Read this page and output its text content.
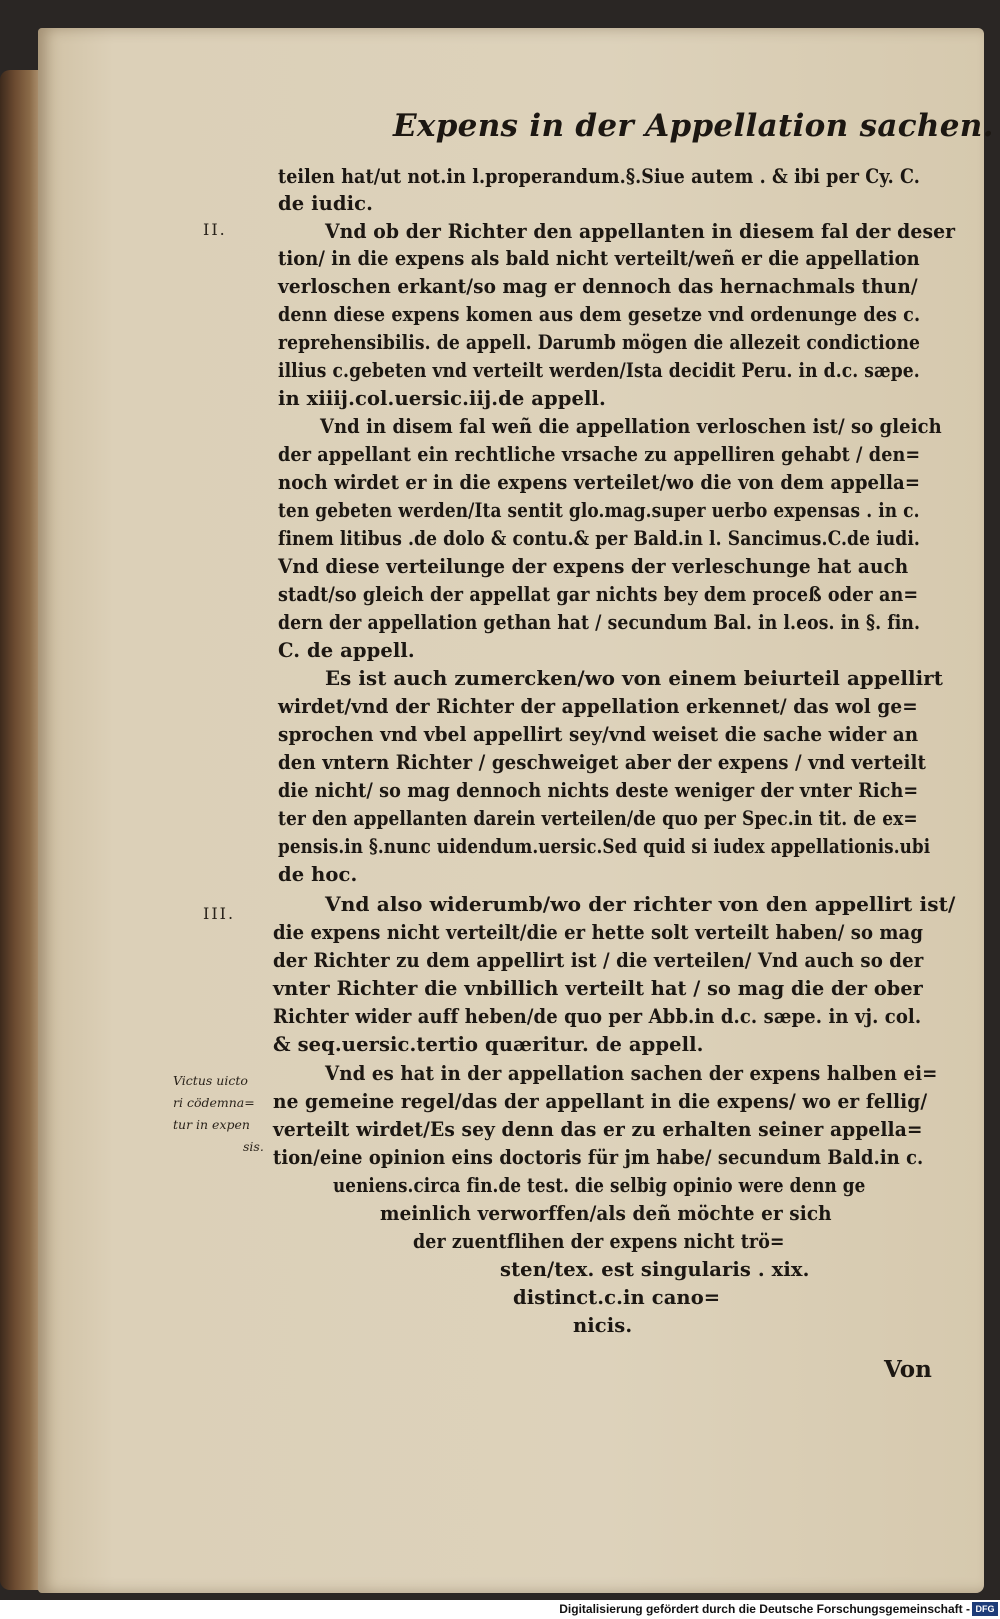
Expens in der Appellation sachen.
II.
III.
teilen hat/ut not.in l.properandum.§.Siue autem . & ibi per Cy. C.
de iudic.
Vnd ob der Richter den appellanten in diesem fal der deser
tion/ in die expens als bald nicht verteilt/weñ er die appellation
verloschen erkant/so mag er dennoch das hernachmals thun/
denn diese expens komen aus dem gesetze vnd ordenunge des c.
reprehensibilis. de appell. Darumb mögen die allezeit condictione
illius c.gebeten vnd verteilt werden/Ista decidit Peru. in d.c. sæpe.
in xiiij.col.uersic.iij.de appell.
Vnd in disem fal weñ die appellation verloschen ist/ so gleich
der appellant ein rechtliche vrsache zu appelliren gehabt / den=
noch wirdet er in die expens verteilet/wo die von dem appella=
ten gebeten werden/Ita sentit glo.mag.super uerbo expensas . in c.
finem litibus .de dolo & contu.& per Bald.in l. Sancimus.C.de iudi.
Vnd diese verteilunge der expens der verleschunge hat auch
stadt/so gleich der appellat gar nichts bey dem proceß oder an=
dern der appellation gethan hat / secundum Bal. in l.eos. in §. fin.
C. de appell.
Es ist auch zumercken/wo von einem beiurteil appellirt
wirdet/vnd der Richter der appellation erkennet/ das wol ge=
sprochen vnd vbel appellirt sey/vnd weiset die sache wider an
den vntern Richter / geschweiget aber der expens / vnd verteilt
die nicht/ so mag dennoch nichts deste weniger der vnter Rich=
ter den appellanten darein verteilen/de quo per Spec.in tit. de ex=
pensis.in §.nunc uidendum.uersic.Sed quid si iudex appellationis.ubi
de hoc.
Vnd also widerumb/wo der richter von den appellirt ist/
die expens nicht verteilt/die er hette solt verteilt haben/ so mag
der Richter zu dem appellirt ist / die verteilen/ Vnd auch so der
vnter Richter die vnbillich verteilt hat / so mag die der ober
Richter wider auff heben/de quo per Abb.in d.c. sæpe. in vj. col.
& seq.uersic.tertio quæritur. de appell.
Vnd es hat in der appellation sachen der expens halben ei=
ne gemeine regel/das der appellant in die expens/ wo er fellig/
verteilt wirdet/Es sey denn das er zu erhalten seiner appella=
tion/eine opinion eins doctoris für jm habe/ secundum Bald.in c.
ueniens.circa fin.de test. die selbig opinio were denn ge
meinlich verworffen/als deñ möchte er sich
der zuentflihen der expens nicht trö=
sten/tex. est singularis . xix.
distinct.c.in cano=
nicis.
Victus uicto
ri cödemna=
tur in expen
sis.
Von
Digitalisierung gefördert durch die Deutsche Forschungsgemeinschaft - DFG
